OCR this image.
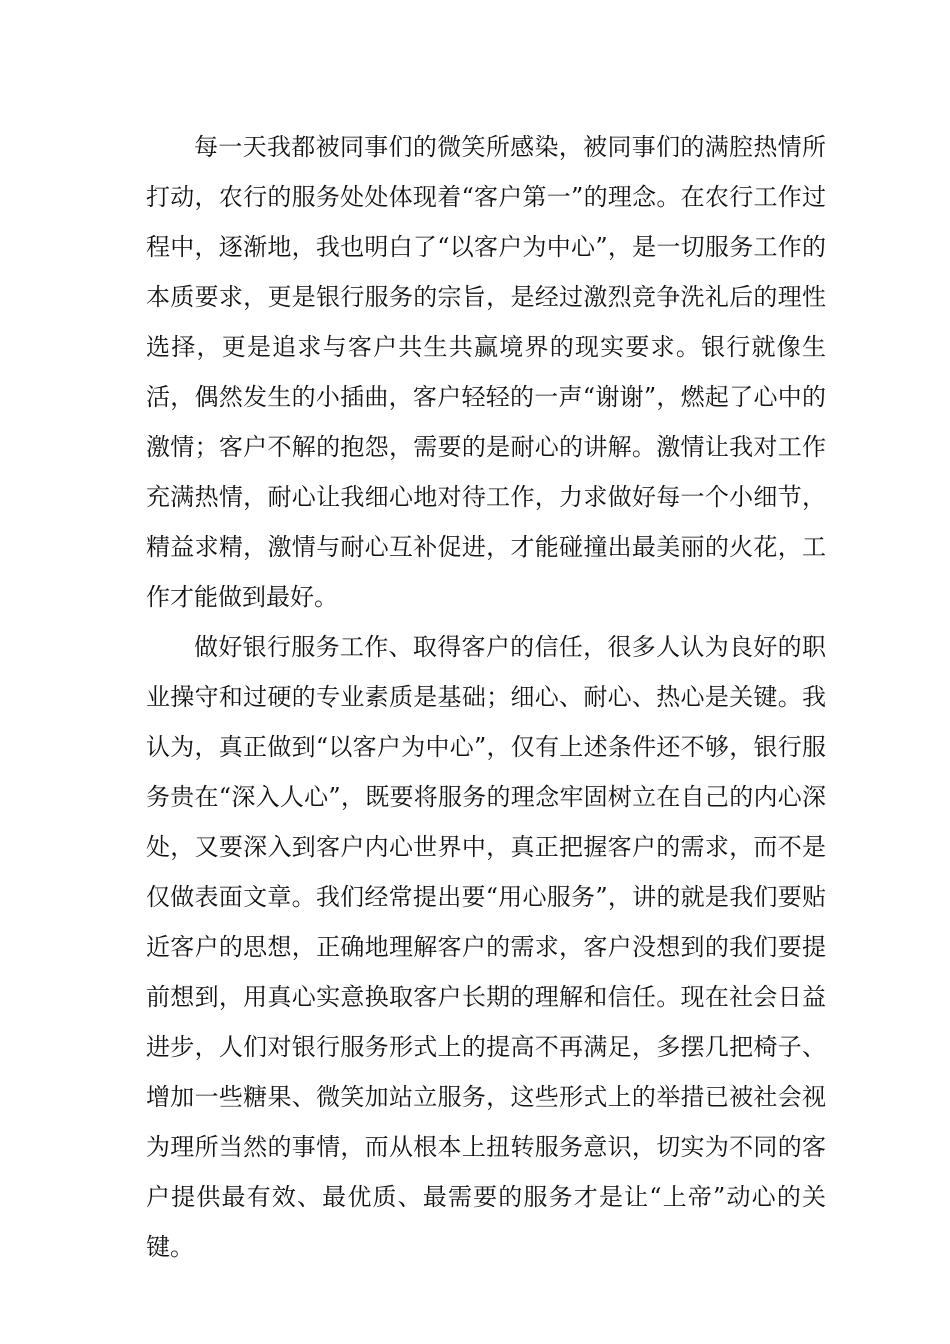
每一天我都被同事们的微笑所感染，被同事们的满腔热情所打动，农行的服务处处体现着“客户第一”的理念。在农行工作过程中，逐渐地，我也明白了“以客户为中心”，是一切服务工作的本质要求，更是银行服务的宗旨，是经过激烈竞争洗礼后的理性选择，更是追求与客户共生共赢境界的现实要求。银行就像生活，偶然发生的小插曲，客户轻轻的一声“谢谢”，燃起了心中的激情；客户不解的抱怨，需要的是耐心的讲解。激情让我对工作充满热情，耐心让我细心地对待工作，力求做好每一个小细节，精益求精，激情与耐心互补促进，才能碰撞出最美丽的火花，工作才能做到最好。

做好银行服务工作、取得客户的信任，很多人认为良好的职业操守和过硬的专业素质是基础；细心、耐心、热心是关键。我认为，真正做到“以客户为中心”，仅有上述条件还不够，银行服务贵在“深入人心”，既要将服务的理念牢固树立在自己的内心深处，又要深入到客户内心世界中，真正把握客户的需求，而不是仅做表面文章。我们经常提出要“用心服务”，讲的就是我们要贴近客户的思想，正确地理解客户的需求，客户没想到的我们要提前想到，用真心实意换取客户长期的理解和信任。现在社会日益进步，人们对银行服务形式上的提高不再满足，多摆几把椅子、增加一些糖果、微笑加站立服务，这些形式上的举措已被社会视为理所当然的事情，而从根本上扭转服务意识，切实为不同的客户提供最有效、最优质、最需要的服务才是让“上帝”动心的关键。
